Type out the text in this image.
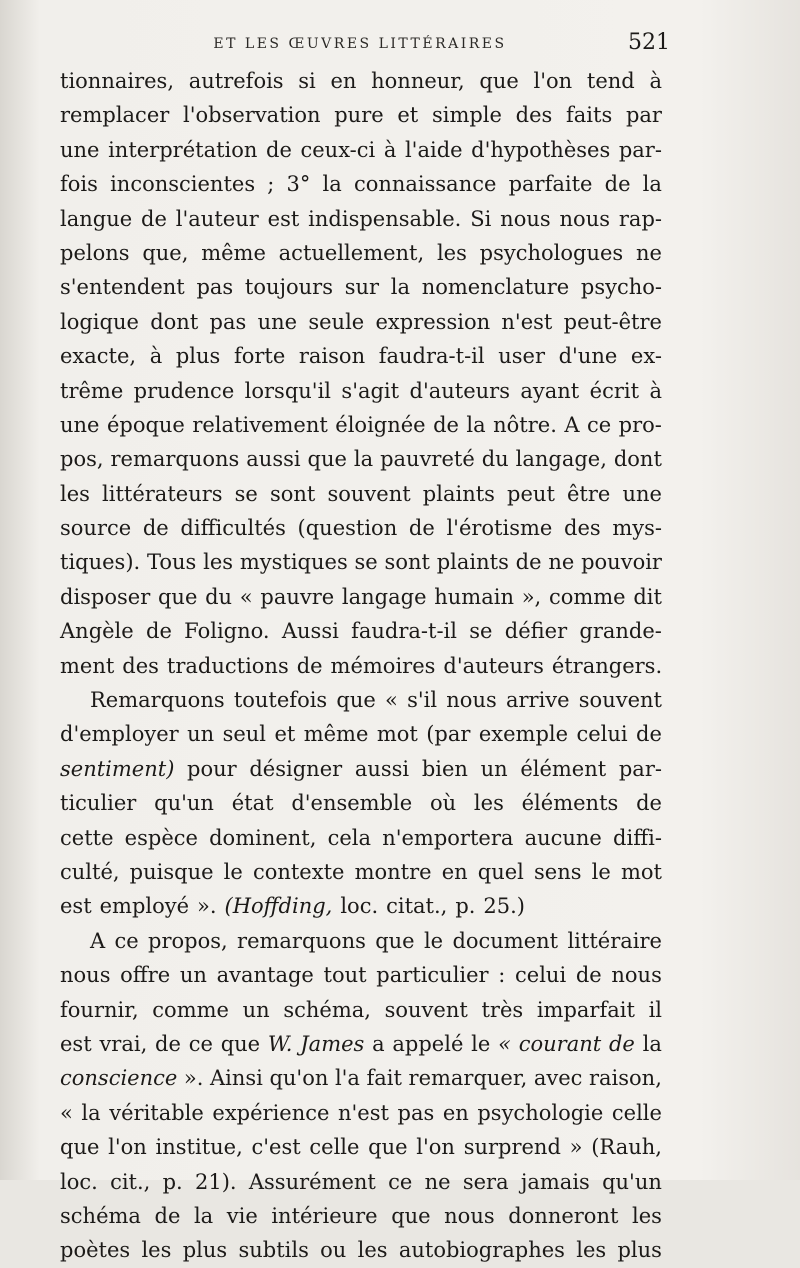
ET LES ŒUVRES LITTÉRAIRES	521
tionnaires, autrefois si en honneur, que l'on tend à
remplacer l'observation pure et simple des faits par
une interprétation de ceux-ci à l'aide d'hypothèses par-
fois inconscientes ; 3° la connaissance parfaite de la
langue de l'auteur est indispensable. Si nous nous rap-
pelons que, même actuellement, les psychologues ne
s'entendent pas toujours sur la nomenclature psycho-
logique dont pas une seule expression n'est peut-être
exacte, à plus forte raison faudra-t-il user d'une ex-
trême prudence lorsqu'il s'agit d'auteurs ayant écrit à
une époque relativement éloignée de la nôtre. A ce pro-
pos, remarquons aussi que la pauvreté du langage, dont
les littérateurs se sont souvent plaints peut être une
source de difficultés (question de l'érotisme des mys-
tiques). Tous les mystiques se sont plaints de ne pouvoir
disposer que du « pauvre langage humain », comme dit
Angèle de Foligno. Aussi faudra-t-il se défier grande-
ment des traductions de mémoires d'auteurs étrangers.
Remarquons toutefois que « s'il nous arrive souvent
d'employer un seul et même mot (par exemple celui de
sentiment) pour désigner aussi bien un élément par-
ticulier qu'un état d'ensemble où les éléments de
cette espèce dominent, cela n'emportera aucune diffi-
culté, puisque le contexte montre en quel sens le mot
est employé ». (Hoffding, loc. citat., p. 25.)
A ce propos, remarquons que le document littéraire
nous offre un avantage tout particulier : celui de nous
fournir, comme un schéma, souvent très imparfait il
est vrai, de ce que W. James a appelé le « courant de la
conscience ». Ainsi qu'on l'a fait remarquer, avec raison,
« la véritable expérience n'est pas en psychologie celle
que l'on institue, c'est celle que l'on surprend » (Rauh,
loc. cit., p. 21). Assurément ce ne sera jamais qu'un
schéma de la vie intérieure que nous donneront les
poètes les plus subtils ou les autobiographes les plus
